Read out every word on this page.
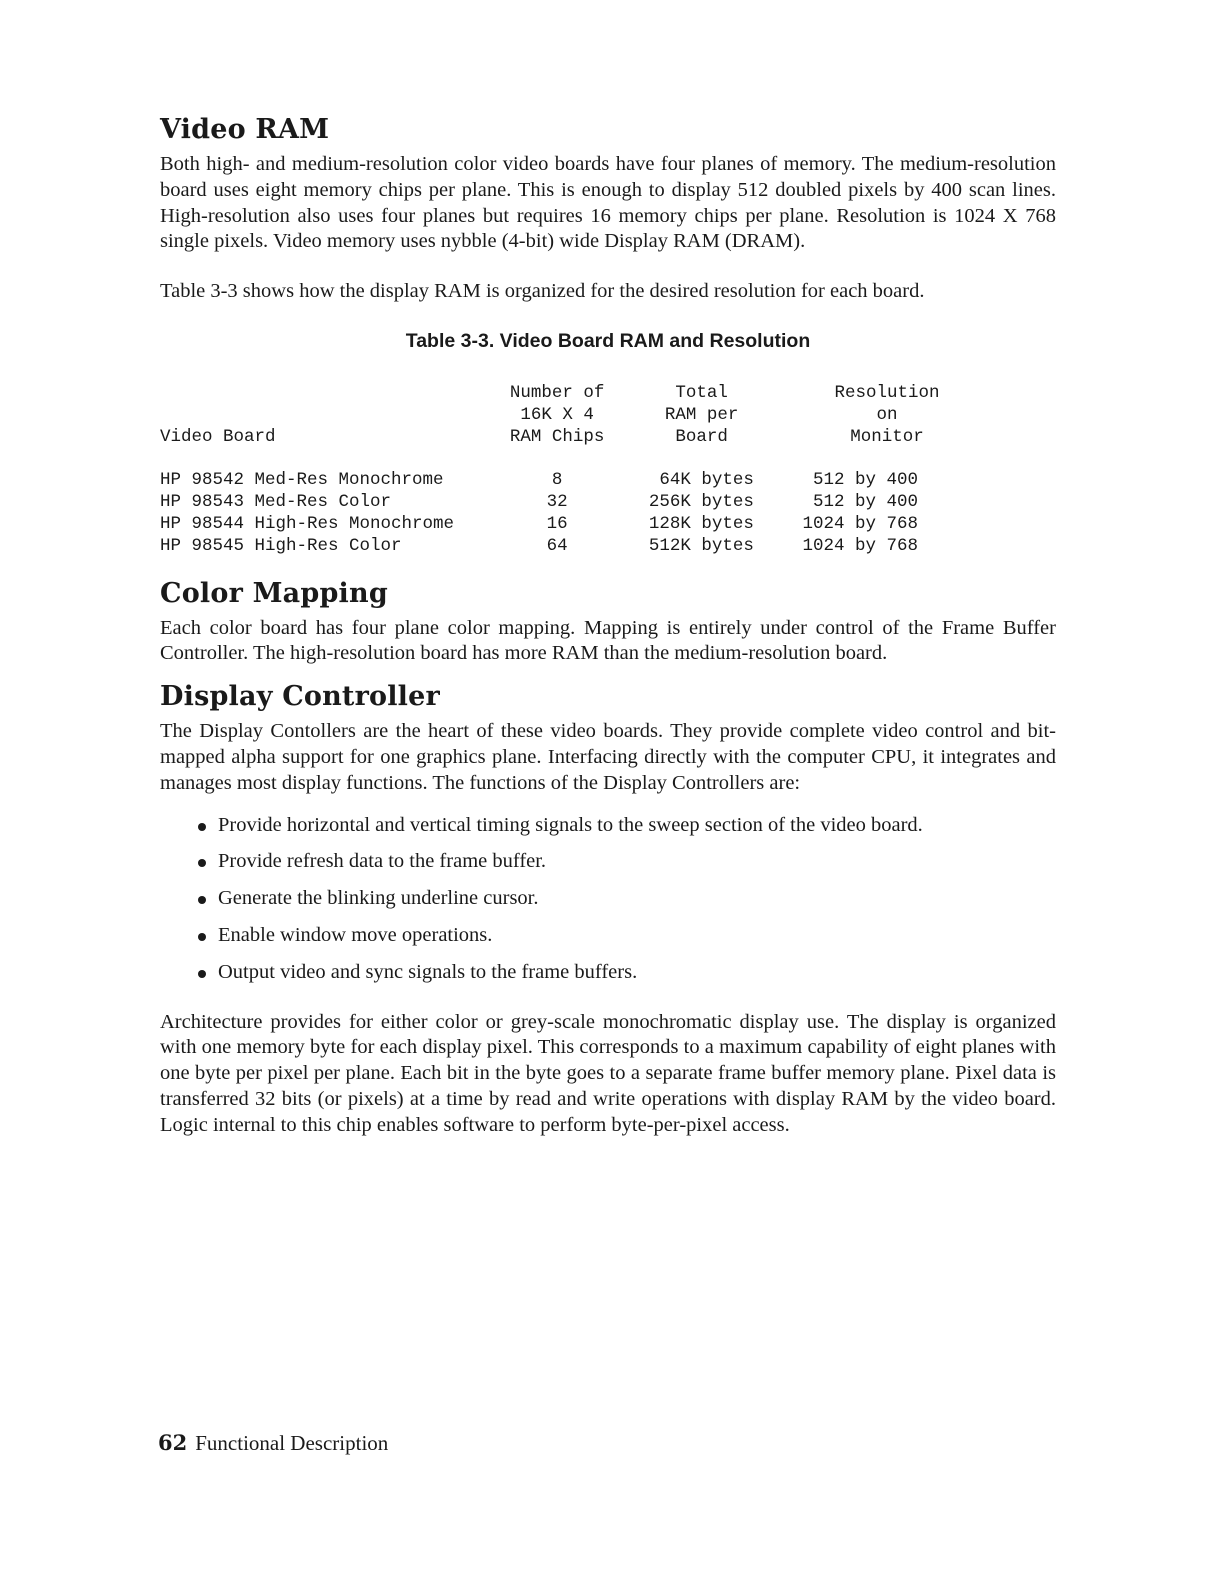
Video RAM

Both high- and medium-resolution color video boards have four planes of memory. The medium-resolution board uses eight memory chips per plane. This is enough to display 512 doubled pixels by 400 scan lines. High-resolution also uses four planes but requires 16 memory chips per plane. Resolution is 1024 X 768 single pixels. Video memory uses nybble (4-bit) wide Display RAM (DRAM).

Table 3-3 shows how the display RAM is organized for the desired resolution for each board.

Table 3-3. Video Board RAM and Resolution
	Number of	Total	Resolution
	16K X 4	RAM per	on
Video Board	RAM Chips	Board	Monitor

HP 98542 Med-Res Monochrome	8	64K bytes	512 by 400
HP 98543 Med-Res Color	32	256K bytes	512 by 400
HP 98544 High-Res Monochrome	16	128K bytes	1024 by 768
HP 98545 High-Res Color	64	512K bytes	1024 by 768
Color Mapping

Each color board has four plane color mapping. Mapping is entirely under control of the Frame Buffer Controller. The high-resolution board has more RAM than the medium-resolution board.

Display Controller

The Display Contollers are the heart of these video boards. They provide complete video control and bit-mapped alpha support for one graphics plane. Interfacing directly with the computer CPU, it integrates and manages most display functions. The functions of the Display Controllers are:

Provide horizontal and vertical timing signals to the sweep section of the video board.
Provide refresh data to the frame buffer.
Generate the blinking underline cursor.
Enable window move operations.
Output video and sync signals to the frame buffers.

Architecture provides for either color or grey-scale monochromatic display use. The display is organized with one memory byte for each display pixel. This corresponds to a maximum capability of eight planes with one byte per pixel per plane. Each bit in the byte goes to a separate frame buffer memory plane. Pixel data is transferred 32 bits (or pixels) at a time by read and write operations with display RAM by the video board. Logic internal to this chip enables software to perform byte-per-pixel access.

62 Functional Description
